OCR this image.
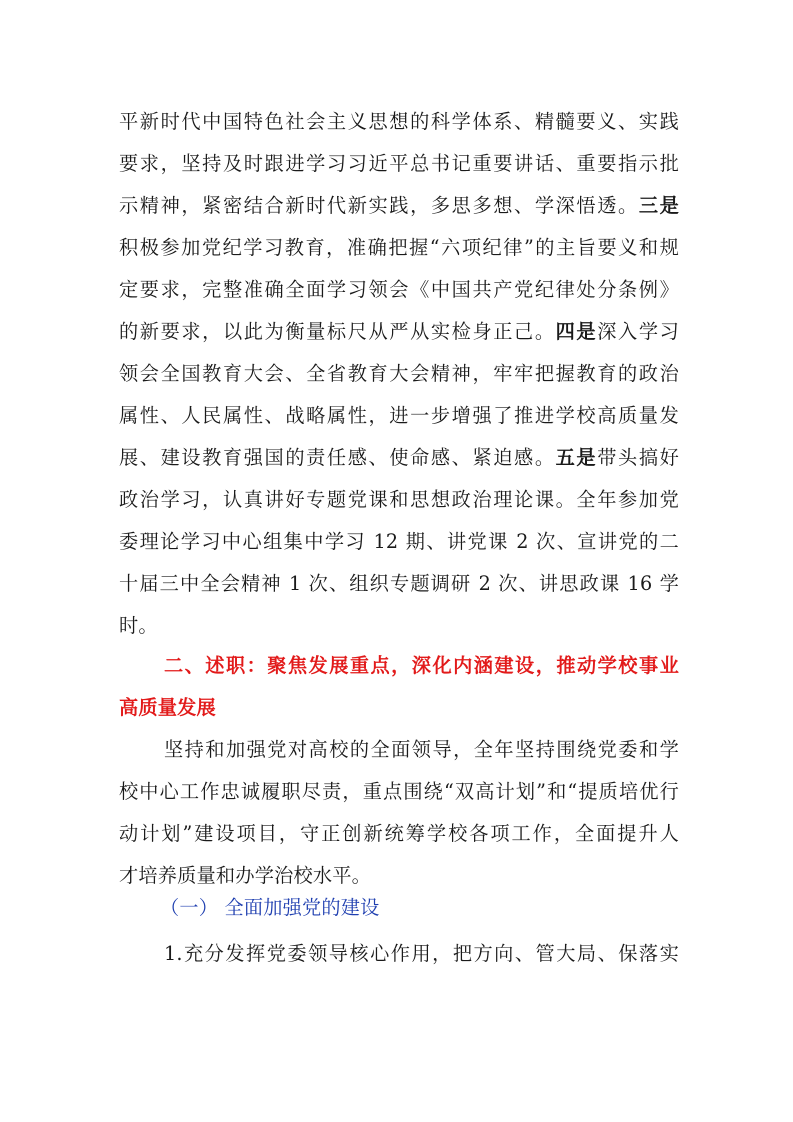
平新时代中国特色社会主义思想的科学体系、精髓要义、实践
要求，坚持及时跟进学习习近平总书记重要讲话、重要指示批
示精神，紧密结合新时代新实践，多思多想、学深悟透。三是
积极参加党纪学习教育，准确把握“六项纪律”的主旨要义和规
定要求，完整准确全面学习领会《中国共产党纪律处分条例》
的新要求，以此为衡量标尺从严从实检身正己。四是深入学习
领会全国教育大会、全省教育大会精神，牢牢把握教育的政治
属性、人民属性、战略属性，进一步增强了推进学校高质量发
展、建设教育强国的责任感、使命感、紧迫感。五是带头搞好
政治学习，认真讲好专题党课和思想政治理论课。全年参加党
委理论学习中心组集中学习 12 期、讲党课 2 次、宣讲党的二
十届三中全会精神 1 次、组织专题调研 2 次、讲思政课 16 学
时。
二、述职：聚焦发展重点，深化内涵建设，推动学校事业
高质量发展
坚持和加强党对高校的全面领导，全年坚持围绕党委和学
校中心工作忠诚履职尽责，重点围绕“双高计划”和“提质培优行
动计划”建设项目，守正创新统筹学校各项工作，全面提升人
才培养质量和办学治校水平。
（一） 全面加强党的建设
1.充分发挥党委领导核心作用，把方向、管大局、保落实
